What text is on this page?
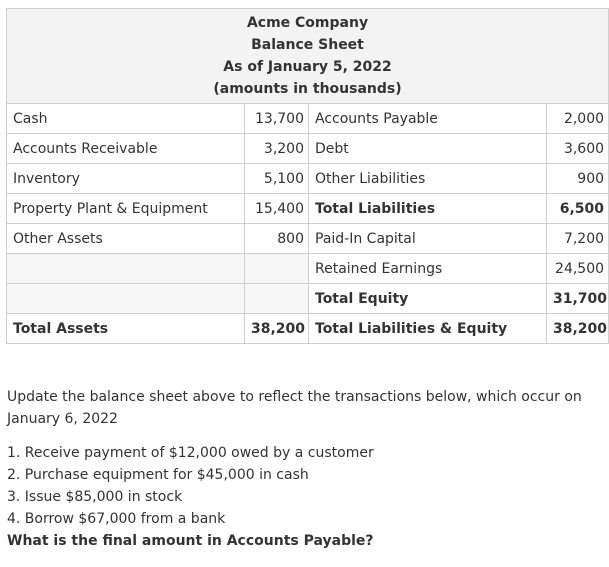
Acme Company
Balance Sheet
As of January 5, 2022
(amounts in thousands)			

Cash	13,700	Accounts Payable	2,000
Accounts Receivable	3,200	Debt	3,600
Inventory	5,100	Other Liabilities	900
Property Plant & Equipment	15,400	Total Liabilities	6,500
Other Assets	800	Paid-In Capital	7,200
		Retained Earnings	24,500
		Total Equity	31,700
Total Assets	38,200	Total Liabilities & Equity	38,200

Update the balance sheet above to reflect the transactions below, which occur on January 6, 2022

1. Receive payment of $12,000 owed by a customer
2. Purchase equipment for $45,000 in cash
3. Issue $85,000 in stock
4. Borrow $67,000 from a bank

What is the final amount in Accounts Payable?
